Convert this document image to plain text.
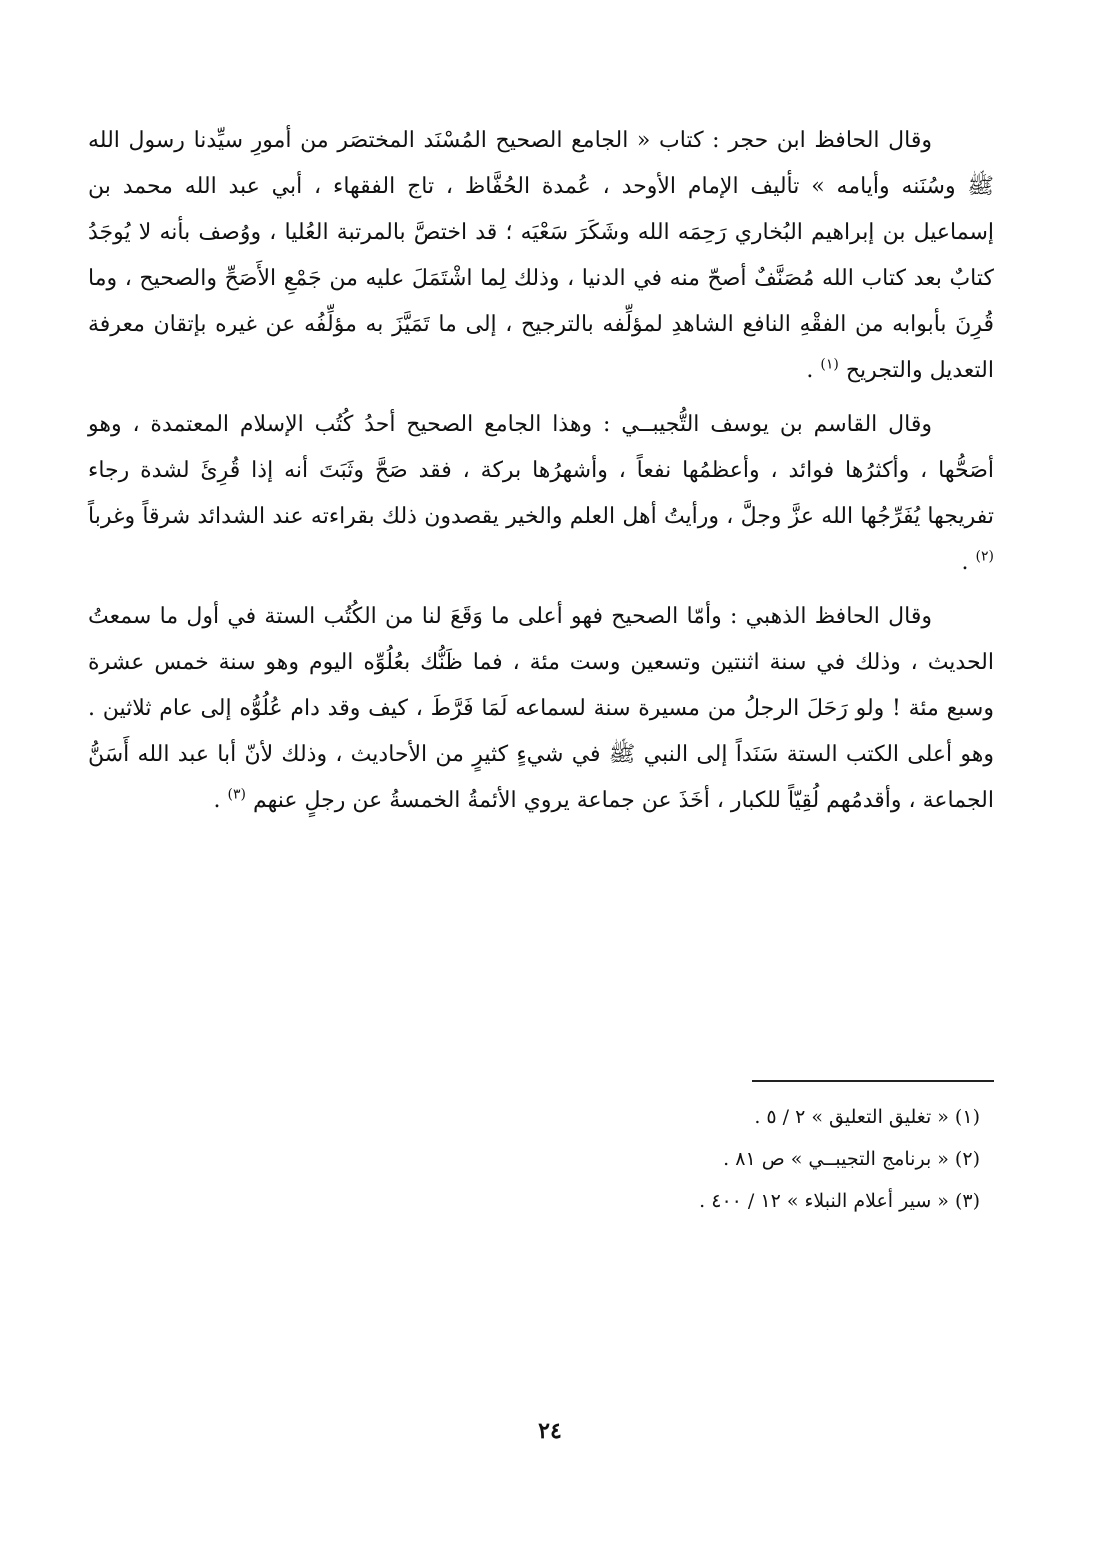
وقال الحافظ ابن حجر : كتاب « الجامع الصحيح المُسْنَد المختصَر من أمورِ سيِّدنا رسول الله ﷺ وسُنَنه وأيامه » تأليف الإمام الأوحد ، عُمدة الحُفَّاظ ، تاج الفقهاء ، أبي عبد الله محمد بن إسماعيل بن إبراهيم البُخاري رَحِمَه الله وشَكَرَ سَعْيَه ؛ قد اختصَّ بالمرتبة العُليا ، ووُصف بأنه لا يُوجَدُ كتابٌ بعد كتاب الله مُصَنَّفٌ أصحّ منه في الدنيا ، وذلك لِما اشْتَمَلَ عليه من جَمْعِ الأَصَحِّ والصحيح ، وما قُرِنَ بأبوابه من الفقْهِ النافع الشاهدِ لمؤلِّفه بالترجيح ، إلى ما تَمَيَّزَ به مؤلِّفُه عن غيره بإتقان معرفة التعديل والتجريح $^{(١)}$ .

وقال القاسم بن يوسف التُّجيبــي : وهذا الجامع الصحيح أحدُ كُتُب الإسلام المعتمدة ، وهو أصَحُّها ، وأكثرُها فوائد ، وأعظمُها نفعاً ، وأشهرُها بركة ، فقد صَحَّ وثَبَتَ أنه إذا قُرِئَ لشدة رجاء تفريجها يُفَرِّجُها الله عزَّ وجلَّ ، ورأيتُ أهل العلم والخير يقصدون ذلك بقراءته عند الشدائد شرقاً وغرباً $^{(٢)}$ .

وقال الحافظ الذهبي : وأمّا الصحيح فهو أعلى ما وَقَعَ لنا من الكُتُب الستة في أول ما سمعتُ الحديث ، وذلك في سنة اثنتين وتسعين وست مئة ، فما ظَنُّك بعُلُوِّه اليوم وهو سنة خمس عشرة وسبع مئة ! ولو رَحَلَ الرجلُ من مسيرة سنة لسماعه لَمَا فَرَّطَ ، كيف وقد دام عُلُوُّه إلى عام ثلاثين . وهو أعلى الكتب الستة سَنَداً إلى النبي ﷺ في شيءٍ كثيرٍ من الأحاديث ، وذلك لأنّ أبا عبد الله أَسَنُّ الجماعة ، وأقدمُهم لُقِيّاً للكبار ، أخَذَ عن جماعة يروي الأئمةُ الخمسةُ عن رجلٍ عنهم $^{(٣)}$ .

(١) « تغليق التعليق » ٢ / ٥ .

(٢) « برنامج التجيبــي » ص ٨١ .

(٣) « سير أعلام النبلاء » ١٢ / ٤٠٠ .

٢٤
